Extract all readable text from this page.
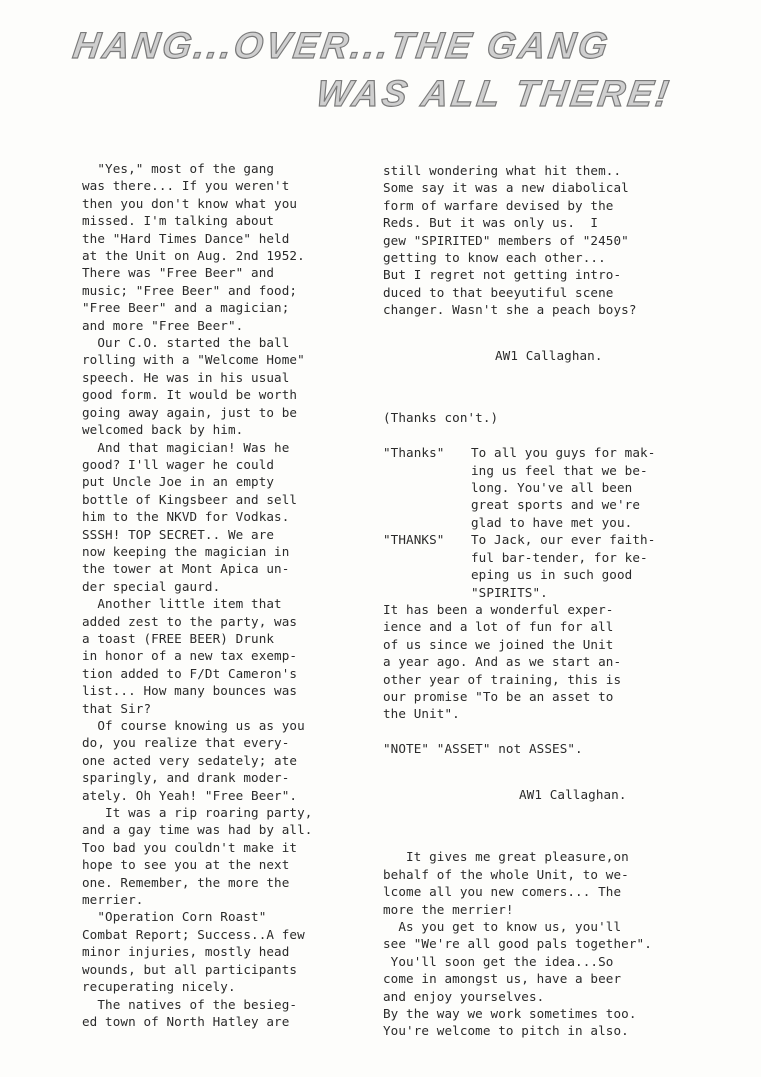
HANG...OVER...THE GANG
WAS ALL THERE!

"Yes," most of the gang

was there... If you weren't

then you don't know what you

missed. I'm talking about

the "Hard Times Dance" held

at the Unit on Aug. 2nd 1952.

There was "Free Beer" and

music; "Free Beer" and food;

"Free Beer" and a magician;

and more "Free Beer".

Our C.O. started the ball

rolling with a "Welcome Home"

speech. He was in his usual

good form. It would be worth

going away again, just to be

welcomed back by him.

And that magician! Was he

good? I'll wager he could

put Uncle Joe in an empty

bottle of Kingsbeer and sell

him to the NKVD for Vodkas.

SSSH! TOP SECRET.. We are

now keeping the magician in

the tower at Mont Apica un-

der special gaurd.

Another little item that

added zest to the party, was

a toast (FREE BEER) Drunk

in honor of a new tax exemp-

tion added to F/Dt Cameron's

list... How many bounces was

that Sir?

Of course knowing us as you

do, you realize that every-

one acted very sedately; ate

sparingly, and drank moder-

ately. Oh Yeah! "Free Beer".

It was a rip roaring party,

and a gay time was had by all.

Too bad you couldn't make it

hope to see you at the next

one. Remember, the more the

merrier.

"Operation Corn Roast"

Combat Report; Success..A few

minor injuries, mostly head

wounds, but all participants

recuperating nicely.

The natives of the besieg-

ed town of North Hatley are

still wondering what hit them..

Some say it was a new diabolical

form of warfare devised by the

Reds. But it was only us.  I

gew "SPIRITED" members of "2450"

getting to know each other...

But I regret not getting intro-

duced to that beeyutiful scene

changer. Wasn't she a peach boys?

AW1 Callaghan.

(Thanks con't.)

"Thanks"	To all you guys for mak-
ing us feel that we be-
long. You've all been
great sports and we're
glad to have met you.
"THANKS"	To Jack, our ever faith-
ful bar-tender, for ke-
eping us in such good
"SPIRITS".

It has been a wonderful exper-

ience and a lot of fun for all

of us since we joined the Unit

a year ago. And as we start an-

other year of training, this is

our promise "To be an asset to

the Unit".

"NOTE" "ASSET" not ASSES".

AW1 Callaghan.

It gives me great pleasure,on

behalf of the whole Unit, to we-

lcome all you new comers... The

more the merrier!

As you get to know us, you'll

see "We're all good pals together".

You'll soon get the idea...So

come in amongst us, have a beer

and enjoy yourselves.

By the way we work sometimes too.

You're welcome to pitch in also.
